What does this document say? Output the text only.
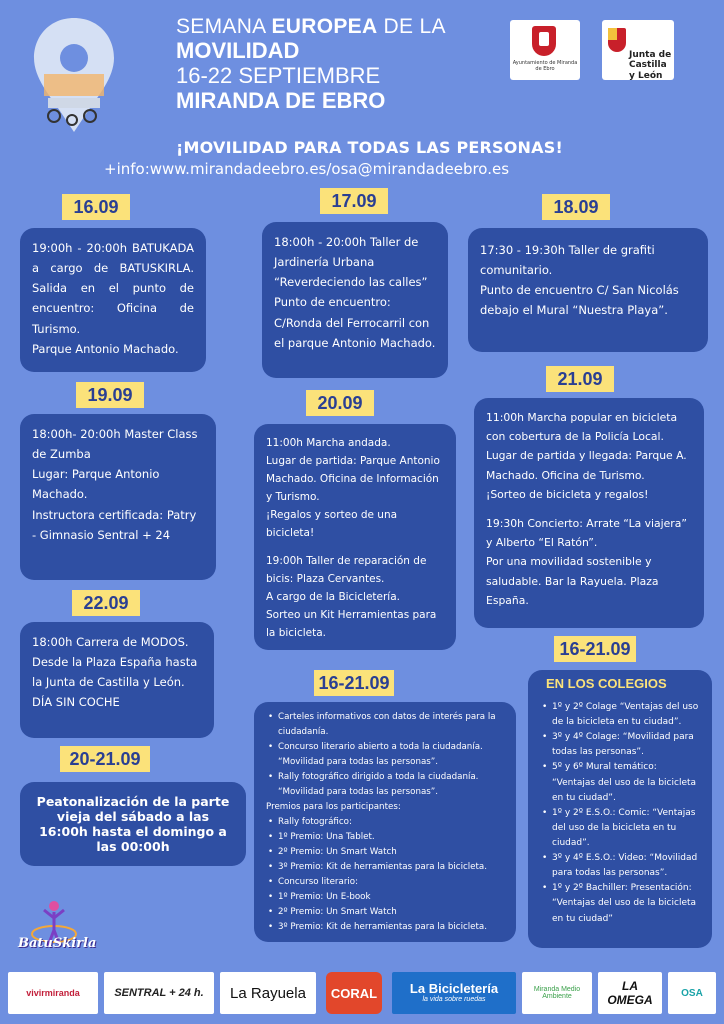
SEMANA EUROPEA DE LA
MOVILIDAD
16-22 SEPTIEMBRE
MIRANDA DE EBRO
¡MOVILIDAD PARA TODAS LAS PERSONAS!
+info:www.mirandadeebro.es/osa@mirandadeebro.es
Ayuntamiento de Miranda de Ebro
Junta de
Castilla y León
16.09

19:00h - 20:00h BATUKADA a cargo de BATUSKIRLA. Salida en el punto de encuentro: Oficina de Turismo.

Parque Antonio Machado.

17.09

18:00h - 20:00h Taller de Jardinería Urbana “Reverdeciendo las calles”

Punto de encuentro: C/Ronda del Ferrocarril con el parque Antonio Machado.

18.09

17:30 - 19:30h Taller de grafiti comunitario.

Punto de encuentro C/ San Nicolás debajo el Mural “Nuestra Playa”.

19.09

18:00h- 20:00h Master Class de Zumba

Lugar: Parque Antonio Machado.

Instructora certificada: Patry - Gimnasio Sentral + 24

20.09

11:00h Marcha andada.

Lugar de partida: Parque Antonio Machado. Oficina de Información y Turismo.

¡Regalos y sorteo de una bicicleta!

19:00h Taller de reparación de bicis: Plaza Cervantes.

A cargo de la Bicicletería.

Sorteo un Kit Herramientas para la bicicleta.

21.09

11:00h Marcha popular en bicicleta con cobertura de la Policía Local.

Lugar de partida y llegada: Parque A. Machado. Oficina de Turismo.

¡Sorteo de bicicleta y regalos!

19:30h Concierto: Arrate “La viajera” y Alberto “El Ratón”.

Por una movilidad sostenible y saludable. Bar la Rayuela. Plaza España.

22.09

18:00h Carrera de MODOS.

Desde la Plaza España hasta la Junta de Castilla y León.

DÍA SIN COCHE

20-21.09

Peatonalización de la parte vieja del sábado a las 16:00h hasta el domingo a las 00:00h

16-21.09
• Carteles informativos con datos de interés para la ciudadanía.
• Concurso literario abierto a toda la ciudadanía. “Movilidad para todas las personas”.
• Rally fotográfico dirigido a toda la ciudadanía. “Movilidad para todas las personas”.

Premios para los participantes:

• Rally fotográfico:
• 1º Premio: Una Tablet.
• 2º Premio: Un Smart Watch
• 3º Premio: Kit de herramientas para la bicicleta.
• Concurso literario:
• 1º Premio: Un E-book
• 2º Premio: Un Smart Watch
• 3º Premio: Kit de herramientas para la bicicleta.
16-21.09
• 1º y 2º Colage “Ventajas del uso de la bicicleta en tu ciudad”.
• 3º y 4º Colage: “Movilidad para todas las personas”.
• 5º y 6º Mural temático: “Ventajas del uso de la bicicleta en tu ciudad”.
• 1º y 2º E.S.O.: Comic: “Ventajas del uso de la bicicleta en tu ciudad”.
• 3º y 4º E.S.O.: Video: “Movilidad para todas las personas”.
• 1º y 2º Bachiller: Presentación: “Ventajas del uso de la bicicleta en tu ciudad”
EN LOS COLEGIOS
BatuSkirla
vivirmiranda	SENTRAL + 24 h. La Rayuela CORAL	La Bicicletería
la vida sobre ruedas
Miranda Medio Ambiente
LA OMEGA	OSA
